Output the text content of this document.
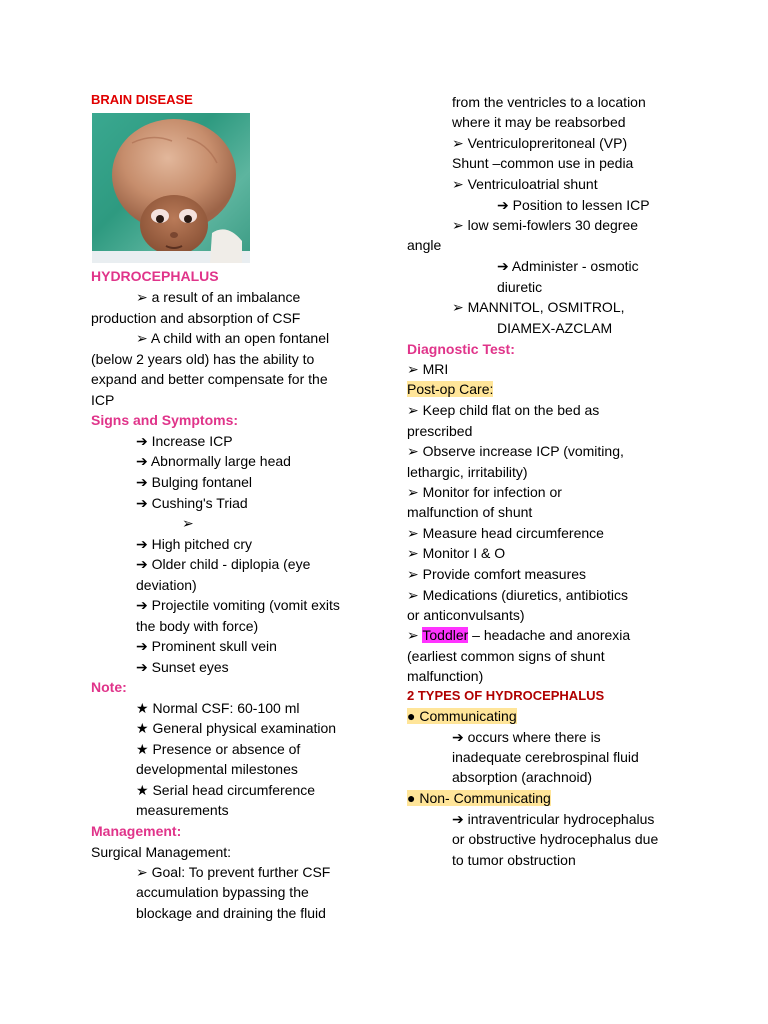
BRAIN DISEASE
HYDROCEPHALUS
➢ a result of an imbalance
production and absorption of CSF
➢ A child with an open fontanel
(below 2 years old) has the ability to
expand and better compensate for the
ICP
Signs and Symptoms:
➔ Increase ICP
➔ Abnormally large head
➔ Bulging fontanel
➔ Cushing's Triad
➢
➔ High pitched cry
➔ Older child - diplopia (eye
deviation)
➔ Projectile vomiting (vomit exits
the body with force)
➔ Prominent skull vein
➔ Sunset eyes
Note:
★ Normal CSF: 60-100 ml
★ General physical examination
★ Presence or absence of
developmental milestones
★ Serial head circumference
measurements
Management:
Surgical Management:
➢ Goal: To prevent further CSF
accumulation bypassing the
blockage and draining the fluid
from the ventricles to a location
where it may be reabsorbed
➢ Ventriculopreritoneal (VP)
Shunt –common use in pedia
➢ Ventriculoatrial shunt
➔ Position to lessen ICP
➢ low semi-fowlers 30 degree
angle
➔ Administer - osmotic
diuretic
➢ MANNITOL, OSMITROL,
DIAMEX-AZCLAM
Diagnostic Test:
➢ MRI
Post-op Care:
➢ Keep child flat on the bed as
prescribed
➢ Observe increase ICP (vomiting,
lethargic, irritability)
➢ Monitor for infection or
malfunction of shunt
➢ Measure head circumference
➢ Monitor I & O
➢ Provide comfort measures
➢ Medications (diuretics, antibiotics
or anticonvulsants)
➢ Toddler – headache and anorexia
(earliest common signs of shunt
malfunction)
2 TYPES OF HYDROCEPHALUS
● Communicating
➔ occurs where there is
inadequate cerebrospinal fluid
absorption (arachnoid)
● Non- Communicating
➔ intraventricular hydrocephalus
or obstructive hydrocephalus due
to tumor obstruction
